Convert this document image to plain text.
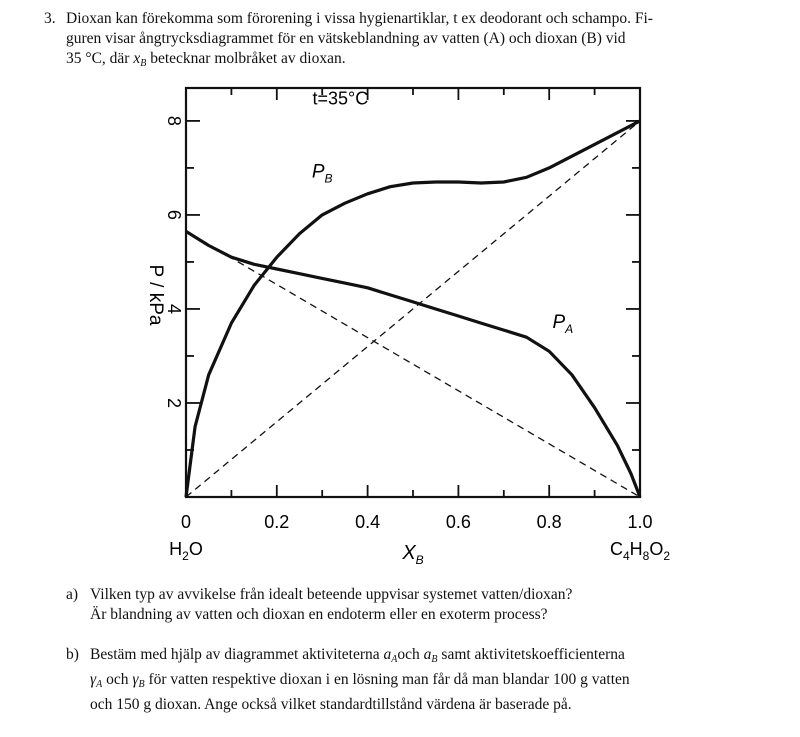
3. Dioxan kan förekomma som förorening i vissa hygienartiklar, t ex deodorant och schampo. Fi-
guren visar ångtrycksdiagrammet för en vätskeblandning av vatten (A) och dioxan (B) vid
35 °C, där $x_B$ betecknar molbråket av dioxan.
0	0.2	0.4	0.6	0.8	1.0
2
4
6
8
P / kPa
$X_B$
$H_2O$	$C_4H_8O_2$
t=35°C
$P_B$
$P_A$
a) Vilken typ av avvikelse från idealt beteende uppvisar systemet vatten/dioxan?
Är blandning av vatten och dioxan en endoterm eller en exoterm process?
b) Bestäm med hjälp av diagrammet aktiviteterna $a_Aoch$ $a_B$ samt aktivitetskoefficienterna
$\gamma_A$ och $\gamma_B$ för vatten respektive dioxan i en lösning man får då man blandar 100 g vatten
och 150 g dioxan. Ange också vilket standardtillstånd värdena är baserade på.
